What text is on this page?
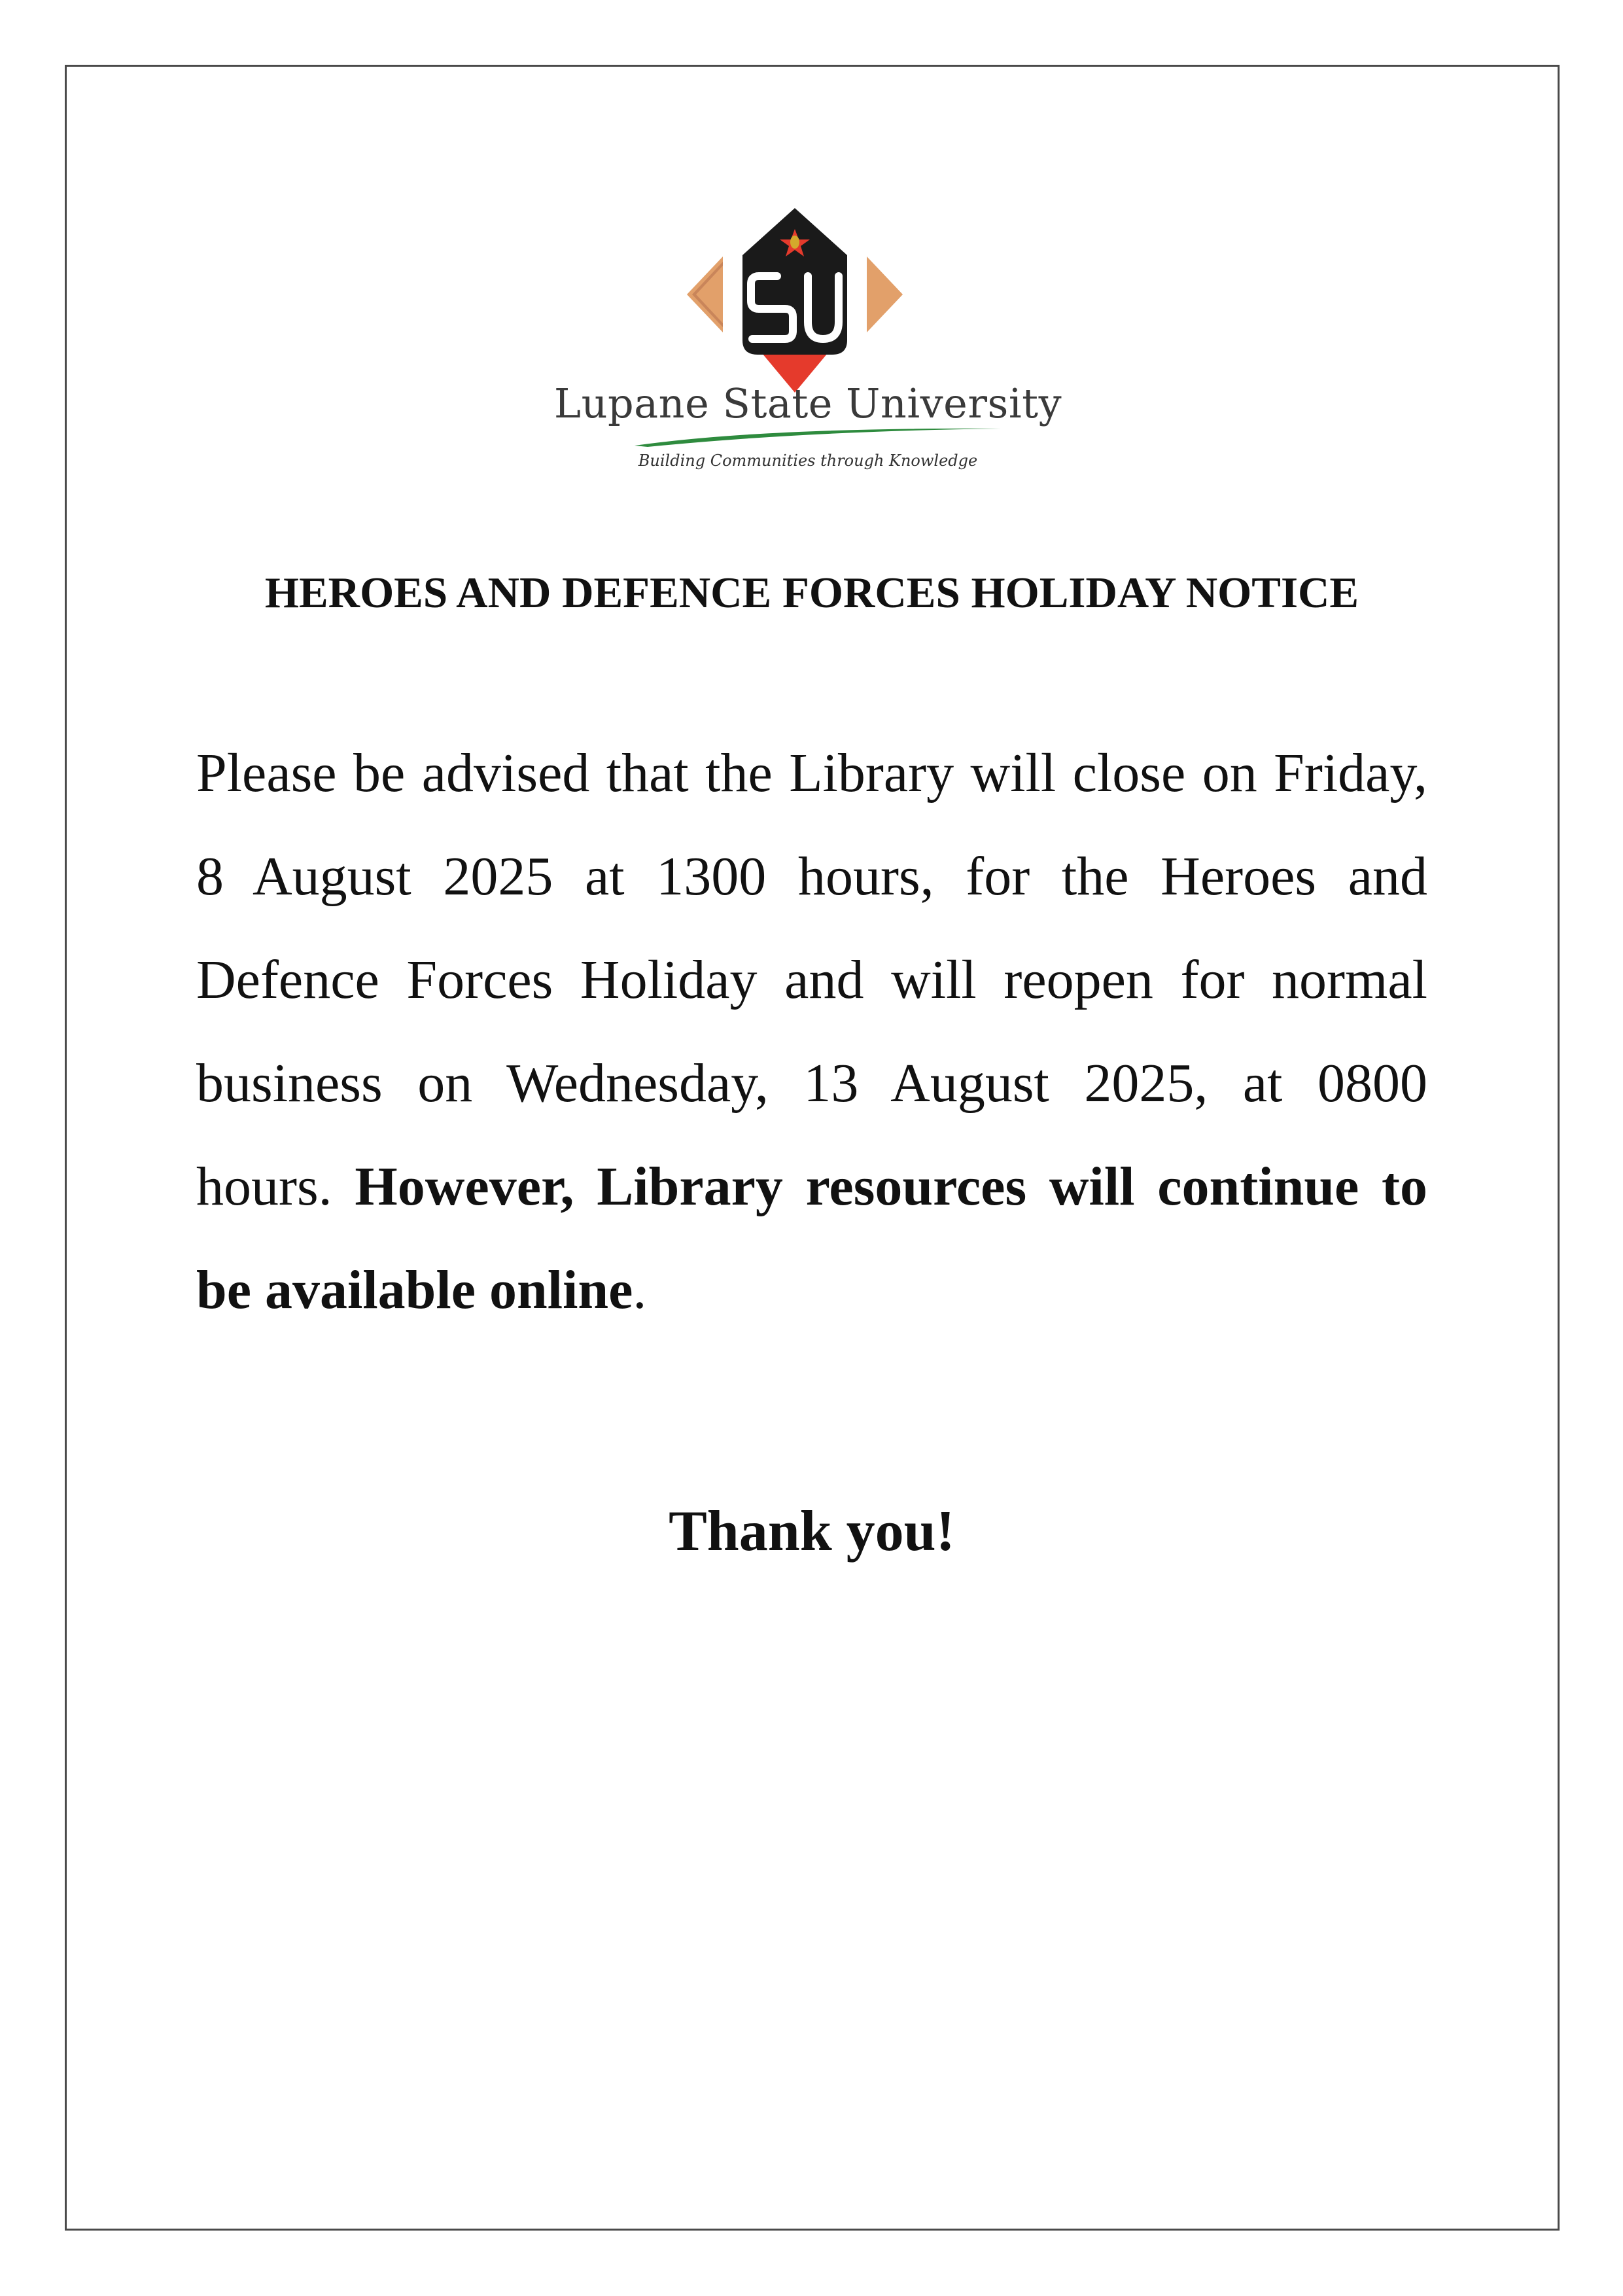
Lupane State University
Building Communities through Knowledge
HEROES AND DEFENCE FORCES HOLIDAY NOTICE

Please be advised that the Library will close on Friday, 8 August 2025 at 1300 hours, for the Heroes and Defence Forces Holiday and will reopen for normal business on Wednesday, 13 August 2025, at 0800 hours. However, Library resources will continue to be available online.

Thank you!
